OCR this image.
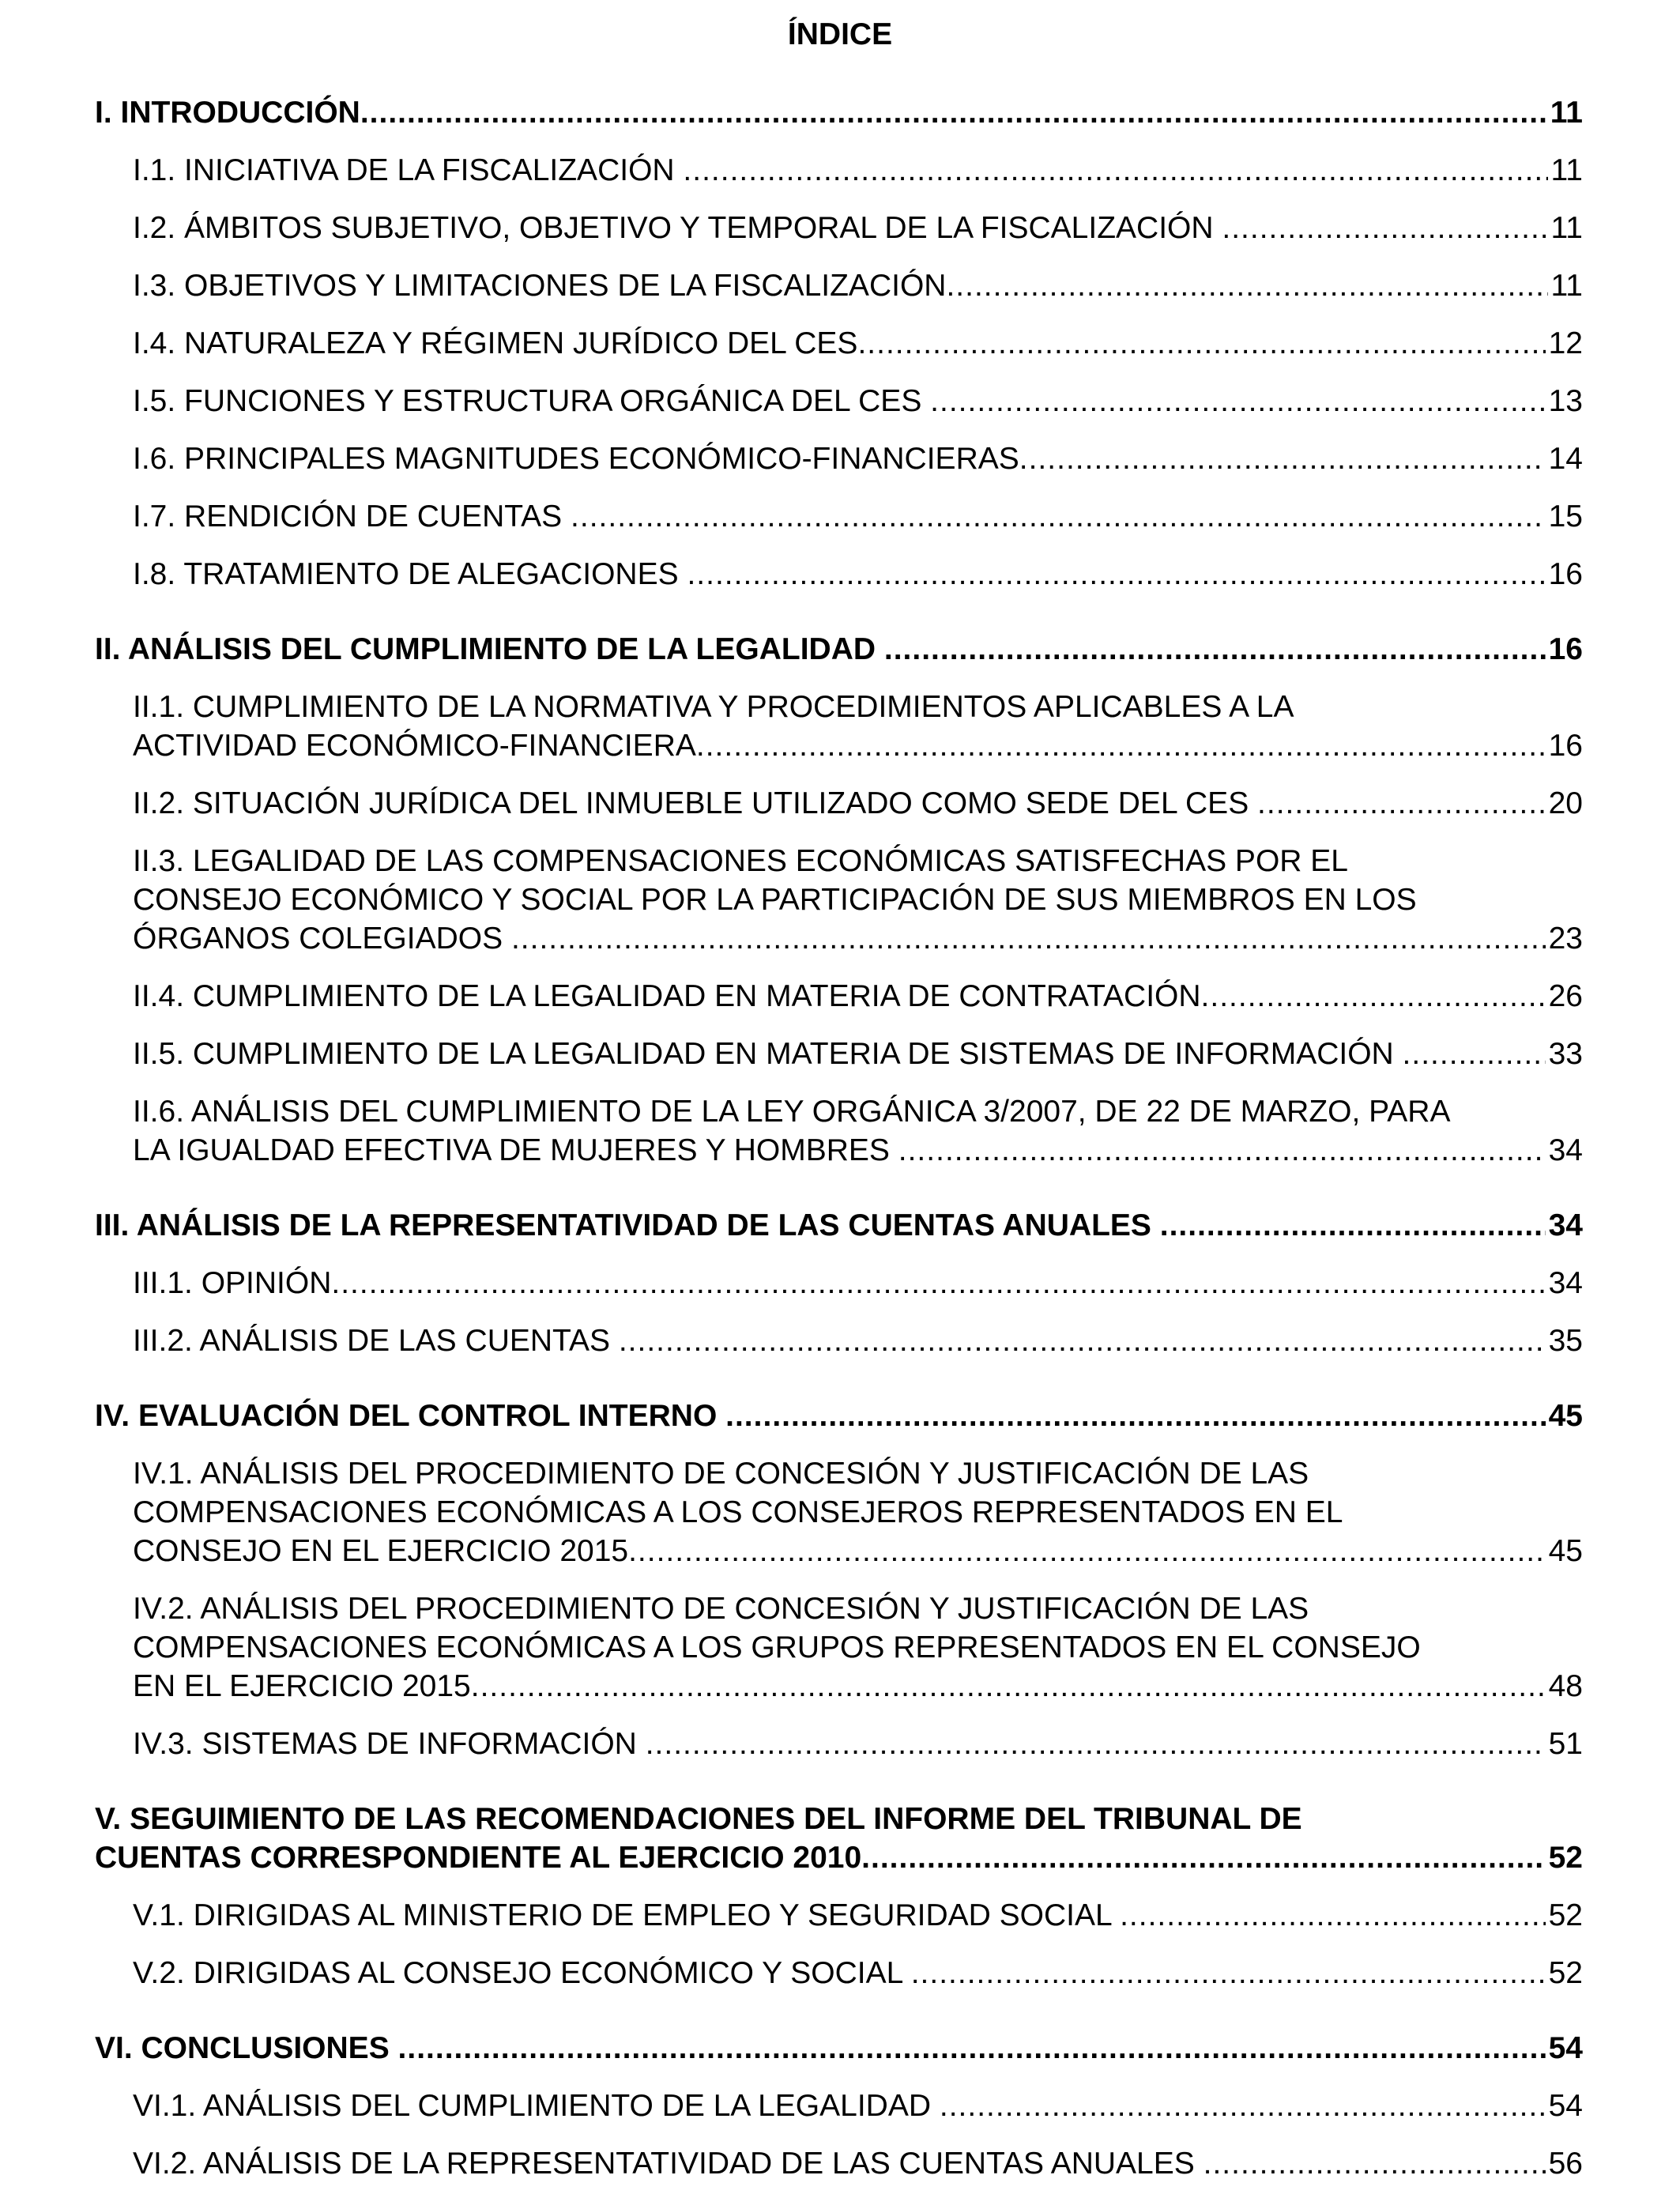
ÍNDICE
I. INTRODUCCIÓN .....	11
I.1. INICIATIVA DE LA FISCALIZACIÓN .....	11
I.2. ÁMBITOS SUBJETIVO, OBJETIVO Y TEMPORAL DE LA FISCALIZACIÓN .....	11
I.3. OBJETIVOS Y LIMITACIONES DE LA FISCALIZACIÓN .....	11
I.4. NATURALEZA Y RÉGIMEN JURÍDICO DEL CES .....	12
I.5. FUNCIONES Y ESTRUCTURA ORGÁNICA DEL CES .....	13
I.6. PRINCIPALES MAGNITUDES ECONÓMICO-FINANCIERAS .....	14
I.7. RENDICIÓN DE CUENTAS .....	15
I.8. TRATAMIENTO DE ALEGACIONES .....	16
II. ANÁLISIS DEL CUMPLIMIENTO DE LA LEGALIDAD .....	16
II.1. CUMPLIMIENTO DE LA NORMATIVA Y PROCEDIMIENTOS APLICABLES A LA
ACTIVIDAD ECONÓMICO-FINANCIERA .....	16
II.2. SITUACIÓN JURÍDICA DEL INMUEBLE UTILIZADO COMO SEDE DEL CES .....	20
II.3. LEGALIDAD DE LAS COMPENSACIONES ECONÓMICAS SATISFECHAS POR EL
CONSEJO ECONÓMICO Y SOCIAL POR LA PARTICIPACIÓN DE SUS MIEMBROS EN LOS
ÓRGANOS COLEGIADOS .....	23
II.4. CUMPLIMIENTO DE LA LEGALIDAD EN MATERIA DE CONTRATACIÓN .....	26
II.5. CUMPLIMIENTO DE LA LEGALIDAD EN MATERIA DE SISTEMAS DE INFORMACIÓN .....	33
II.6. ANÁLISIS DEL CUMPLIMIENTO DE LA LEY ORGÁNICA 3/2007, DE 22 DE MARZO, PARA
LA IGUALDAD EFECTIVA DE MUJERES Y HOMBRES .....	34
III. ANÁLISIS DE LA REPRESENTATIVIDAD DE LAS CUENTAS ANUALES .....	34
III.1. OPINIÓN .....	34
III.2. ANÁLISIS DE LAS CUENTAS .....	35
IV. EVALUACIÓN DEL CONTROL INTERNO .....	45
IV.1. ANÁLISIS DEL PROCEDIMIENTO DE CONCESIÓN Y JUSTIFICACIÓN DE LAS
COMPENSACIONES ECONÓMICAS A LOS CONSEJEROS REPRESENTADOS EN EL
CONSEJO EN EL EJERCICIO 2015 .....	45
IV.2. ANÁLISIS DEL PROCEDIMIENTO DE CONCESIÓN Y JUSTIFICACIÓN DE LAS
COMPENSACIONES ECONÓMICAS A LOS GRUPOS REPRESENTADOS EN EL CONSEJO
EN EL EJERCICIO 2015 .....	48
IV.3. SISTEMAS DE INFORMACIÓN .....	51
V. SEGUIMIENTO DE LAS RECOMENDACIONES DEL INFORME DEL TRIBUNAL DE
CUENTAS CORRESPONDIENTE AL EJERCICIO 2010 .....	52
V.1. DIRIGIDAS AL MINISTERIO DE EMPLEO Y SEGURIDAD SOCIAL .....	52
V.2. DIRIGIDAS AL CONSEJO ECONÓMICO Y SOCIAL .....	52
VI. CONCLUSIONES .....	54
VI.1. ANÁLISIS DEL CUMPLIMIENTO DE LA LEGALIDAD .....	54
VI.2. ANÁLISIS DE LA REPRESENTATIVIDAD DE LAS CUENTAS ANUALES .....	56
